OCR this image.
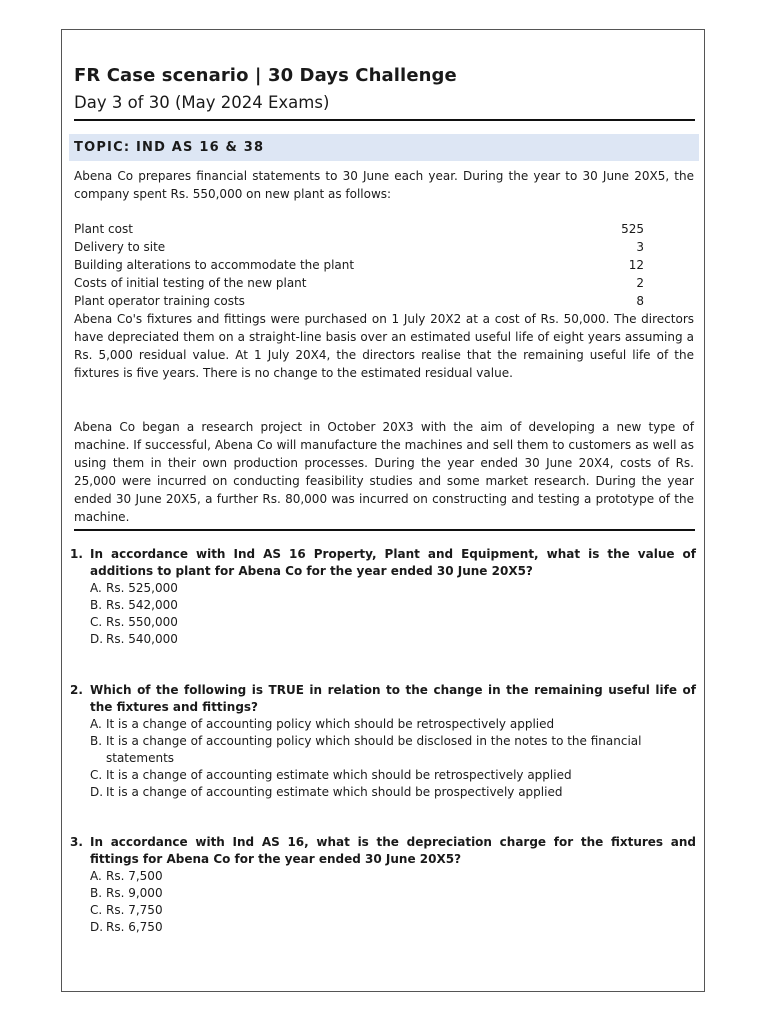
FR Case scenario | 30 Days Challenge
Day 3 of 30 (May 2024 Exams)
TOPIC: IND AS 16 & 38
Abena Co prepares financial statements to 30 June each year. During the year to 30 June 20X5, the company spent Rs. 550,000 on new plant as follows:
Plant cost	525
Delivery to site	3
Building alterations to accommodate the plant	12
Costs of initial testing of the new plant	2
Plant operator training costs	8
Abena Co's fixtures and fittings were purchased on 1 July 20X2 at a cost of Rs. 50,000. The directors have depreciated them on a straight-line basis over an estimated useful life of eight years assuming a Rs. 5,000 residual value. At 1 July 20X4, the directors realise that the remaining useful life of the fixtures is five years. There is no change to the estimated residual value.
Abena Co began a research project in October 20X3 with the aim of developing a new type of machine. If successful, Abena Co will manufacture the machines and sell them to customers as well as using them in their own production processes. During the year ended 30 June 20X4, costs of Rs. 25,000 were incurred on conducting feasibility studies and some market research. During the year ended 30 June 20X5, a further Rs. 80,000 was incurred on constructing and testing a prototype of the machine.
1. In accordance with Ind AS 16 Property, Plant and Equipment, what is the value of additions to plant for Abena Co for the year ended 30 June 20X5?
A. Rs. 525,000
B. Rs. 542,000
C. Rs. 550,000
D. Rs. 540,000
2. Which of the following is TRUE in relation to the change in the remaining useful life of the fixtures and fittings?
A. It is a change of accounting policy which should be retrospectively applied
B. It is a change of accounting policy which should be disclosed in the notes to the financial statements
C. It is a change of accounting estimate which should be retrospectively applied
D. It is a change of accounting estimate which should be prospectively applied
3. In accordance with Ind AS 16, what is the depreciation charge for the fixtures and fittings for Abena Co for the year ended 30 June 20X5?
A. Rs. 7,500
B. Rs. 9,000
C. Rs. 7,750
D. Rs. 6,750
